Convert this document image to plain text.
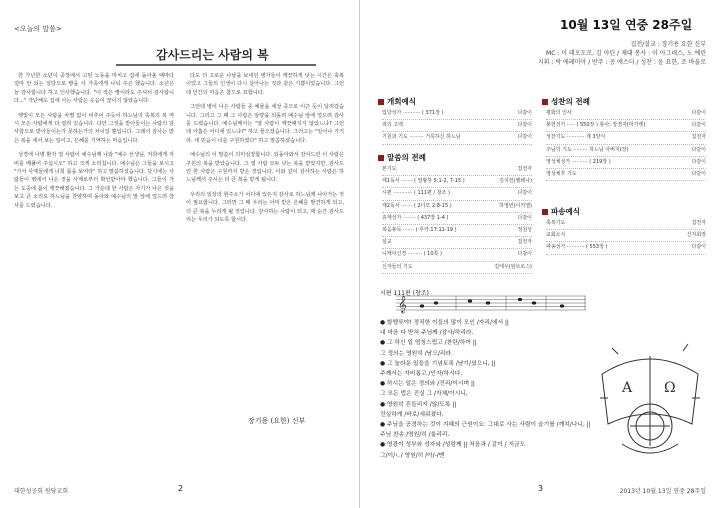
<오늘의 말씀>
감사드리는 사람의 복

한 가난한 소년이 공장에서 고된 노동을 마치고 집에 돌아올 때마다 얼마 안 되는 일당으로 빵을 사 가족에게 나눠 주곤 했습니다. 소년은 늘 감사합니다 하고 인사했습니다. "이 작은 빵이라도 주셔서 감사합니다..." 가난해도 집에 사는 사람은 웃음이 끊이지 않았습니다.

햇빛이 모든 사람을 차별 없이 비추어 주듯이 하느님의 축복의 복 역시 모든 사람에게 다 열려 있습니다. 다만 그것을 받아들이는 사람의 감사함으로 받아들이는가 못하는가의 차이일 뿐입니다. 그래서 감사는 받은 복을 세어 보는 일이고, 은혜를 기억하는 마음입니다.

성경에 나병 환자 열 사람이 예수님께 나와 "예수 선생님, 저희에게 자비를 베풀어 주십시오" 하고 크게 소리칩니다. 예수님은 그들을 보시고 "가서 사제들에게 너희 몸을 보여라" 하고 말씀하셨습니다. 당시에는 사람들이 병에서 나은 것을 사제로부터 확인받아야 했습니다. 그들이 가는 도중에 몸이 깨끗해졌습니다. 그 가운데 한 사람은 자기가 나은 것을 보고 큰 소리로 하느님을 찬양하며 돌아와 예수님의 발 앞에 엎드려 감사를 드렸습니다.

다도 더 고로운 나날을 보내던 병자들이 깨끗하게 낫는 시간은 축복이었고 그들의 인생이 다시 살아나는 것과 같은 기쁨이었습니다. 그런데 인간의 마음은 참으로 묘합니다.

그런데 병이 나은 사람들 중 예물을 세상 죽으로 이끈 듯이 달려갔습니다. 그리고 그 때 그 사람은 알량을 되돌려 예수님 앞에 엎드려 감사를 드렸습니다. 예수님께서는 "열 사람이 깨끗해지지 않았느냐? 그런데 아홉은 어디에 있느냐?" 하고 물으셨습니다. 그러고는 "일어나 가거라. 네 믿음이 너를 구원하였다" 하고 말씀하셨습니다.

예수님의 이 말씀이 의미심장합니다. 되돌아와서 감사드린 이 사람은 구원의 복을 받았습니다. 그 열 사람 모두 낫는 복을 받았지만, 감사드린 한 사람은 구원까지 받은 것입니다. 이와 같이 감사하는 사람은 하느님께서 주시는 더 큰 복을 받게 됩니다.

우리의 일상의 현주소가 어디에 있든지 감사로 하느님께 나아가는 것이 필요합니다. 그러면 그 때 우리는 이미 받은 은혜를 발견하게 되고, 더 큰 복을 누리게 될 것입니다. 감사하는 사람이 되고, 매 순간 감사드리는 우리가 되도록 합시다.

장기용 (요한) 신부
대한성공회 원당교회	2
10월 13일 연중 28주일
집전/설교 : 장기용 요한 신부
MC : 이 데오도로, 김 아틴 / 제대 봉사 : 이 아그네스, 노 예린
지휘 : 박 에레미아 / 반주 : 공 에스더 / 성찬 : 윤 요한, 조 바울로
개회예식
입당성가 ··········· ( 371장 )	다같이
죄의 고백	다같이
기원과 기도 ········· 거룩하신 하느님	다같이
말씀의 전례
본기도	집전자
제1독서 ······· ( 열왕하 5:1-2, 7-15 )	김지헌(헬레나)
시편 ············ ( 111편 / 창조 )	다같이
제2독서 ······· ( 2디모 2:8-15 )	하영빈(이키엘)
층계성가 ········ ( 437장 1-4 )	다같이
복음봉독 ······· ( 루카 17:11-19 )	정원성
설교	집전자
니케아신경 ········· ( 10쪽 )	다같이
신자들의 기도	김태우(임브로스)
성찬의 전례
평화의 인사	다같이
봉헌성가 ····· ( 550장 ) 봉사: 장경자(마가렛)	다같이
성찬기도 ··········· 제 3양식	집전자
주님의 기도 ········· 하느님 아버지(장)	다같이
영성체성가 ·········· ( 219장 )	다같이
영성체후 기도	다같이
파송예식
축복기도	집전자
교회소식	신자회장
파송성가 ··········· ( 553장 )	다같이
시편 111편 (창조)
𝄞
● 할렐루야! 정직한 이들의 많이 모인 /자리/에서 ||
내 마음 다 받쳐 주님께 /감사/하리라.
● 그 하신 일 엄청스럽고 /찬란/하여 ||
그 정의는 영원히 /남으/리라.
● 그 놀라운 일들을 기념토록 /남기/셨으니, ||
주께서는 자비롭고 /인자/하시다.
● 하시는 일은 정의와 /진리/이시며 ||
그 모든 법은 진실 그 /자체/이시니,
● 영원히 흔들리지 /않/도록 ||
진실하게 /바로/세워졌다.
● 주님을 공경하는 것이 지혜의 근원이요: 그대로 사는 사람이 슬기를 /깨치/나니, ||
주님 찬송 /영원/히 /울리리.
● 영광이 성부와 성자와 /성령께 || 처음과 / 같이 / 지금도
그/이/ㄴ/ 영원/히 /아/-/멘
A Ω
3	2013년 10월 13일 연중 28주일
